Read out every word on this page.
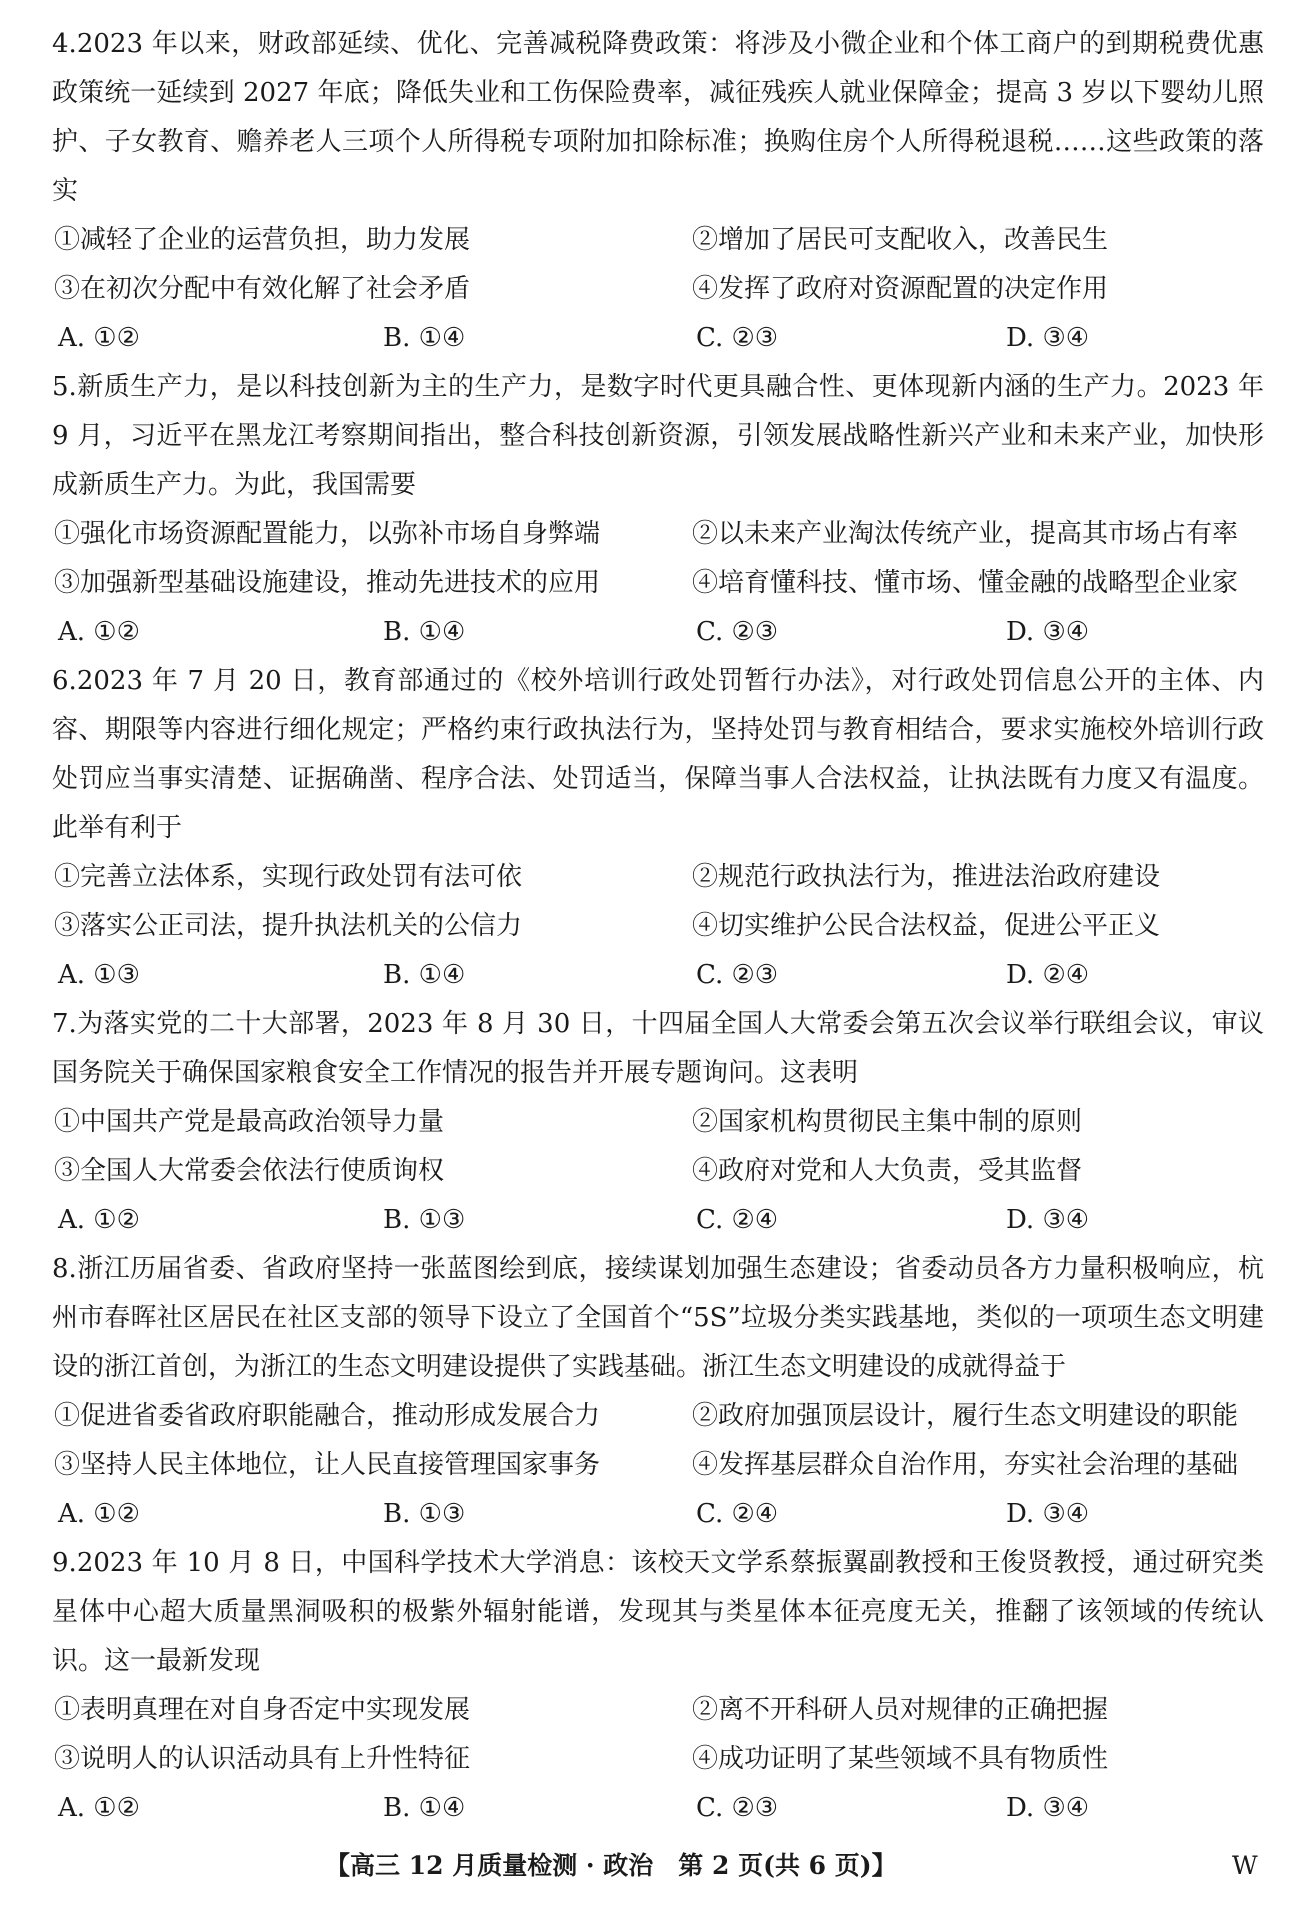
4.2023 年以来，财政部延续、优化、完善减税降费政策：将涉及小微企业和个体工商户的到期税费优惠政策统一延续到 2027 年底；降低失业和工伤保险费率，减征残疾人就业保障金；提高 3 岁以下婴幼儿照护、子女教育、赡养老人三项个人所得税专项附加扣除标准；换购住房个人所得税退税……这些政策的落实

①减轻了企业的运营负担，助力发展	②增加了居民可支配收入，改善民生
③在初次分配中有效化解了社会矛盾	④发挥了政府对资源配置的决定作用
A. ①②	B. ①④	C. ②③	D. ③④

5.新质生产力，是以科技创新为主的生产力，是数字时代更具融合性、更体现新内涵的生产力。2023 年 9 月，习近平在黑龙江考察期间指出，整合科技创新资源，引领发展战略性新兴产业和未来产业，加快形成新质生产力。为此，我国需要

①强化市场资源配置能力，以弥补市场自身弊端	②以未来产业淘汰传统产业，提高其市场占有率
③加强新型基础设施建设，推动先进技术的应用	④培育懂科技、懂市场、懂金融的战略型企业家
A. ①②	B. ①④	C. ②③	D. ③④

6.2023 年 7 月 20 日，教育部通过的《校外培训行政处罚暂行办法》，对行政处罚信息公开的主体、内容、期限等内容进行细化规定；严格约束行政执法行为，坚持处罚与教育相结合，要求实施校外培训行政处罚应当事实清楚、证据确凿、程序合法、处罚适当，保障当事人合法权益，让执法既有力度又有温度。此举有利于

①完善立法体系，实现行政处罚有法可依	②规范行政执法行为，推进法治政府建设
③落实公正司法，提升执法机关的公信力	④切实维护公民合法权益，促进公平正义
A. ①③	B. ①④	C. ②③	D. ②④

7.为落实党的二十大部署，2023 年 8 月 30 日，十四届全国人大常委会第五次会议举行联组会议，审议国务院关于确保国家粮食安全工作情况的报告并开展专题询问。这表明

①中国共产党是最高政治领导力量	②国家机构贯彻民主集中制的原则
③全国人大常委会依法行使质询权	④政府对党和人大负责，受其监督
A. ①②	B. ①③	C. ②④	D. ③④

8.浙江历届省委、省政府坚持一张蓝图绘到底，接续谋划加强生态建设；省委动员各方力量积极响应，杭州市春晖社区居民在社区支部的领导下设立了全国首个“5S”垃圾分类实践基地，类似的一项项生态文明建设的浙江首创，为浙江的生态文明建设提供了实践基础。浙江生态文明建设的成就得益于

①促进省委省政府职能融合，推动形成发展合力	②政府加强顶层设计，履行生态文明建设的职能
③坚持人民主体地位，让人民直接管理国家事务	④发挥基层群众自治作用，夯实社会治理的基础
A. ①②	B. ①③	C. ②④	D. ③④

9.2023 年 10 月 8 日，中国科学技术大学消息：该校天文学系蔡振翼副教授和王俊贤教授，通过研究类星体中心超大质量黑洞吸积的极紫外辐射能谱，发现其与类星体本征亮度无关，推翻了该领域的传统认识。这一最新发现

①表明真理在对自身否定中实现发展	②离不开科研人员对规律的正确把握
③说明人的认识活动具有上升性特征	④成功证明了某些领域不具有物质性
A. ①②	B. ①④	C. ②③	D. ③④
【高三 12 月质量检测 · 政治　第 2 页(共 6 页)】	W
